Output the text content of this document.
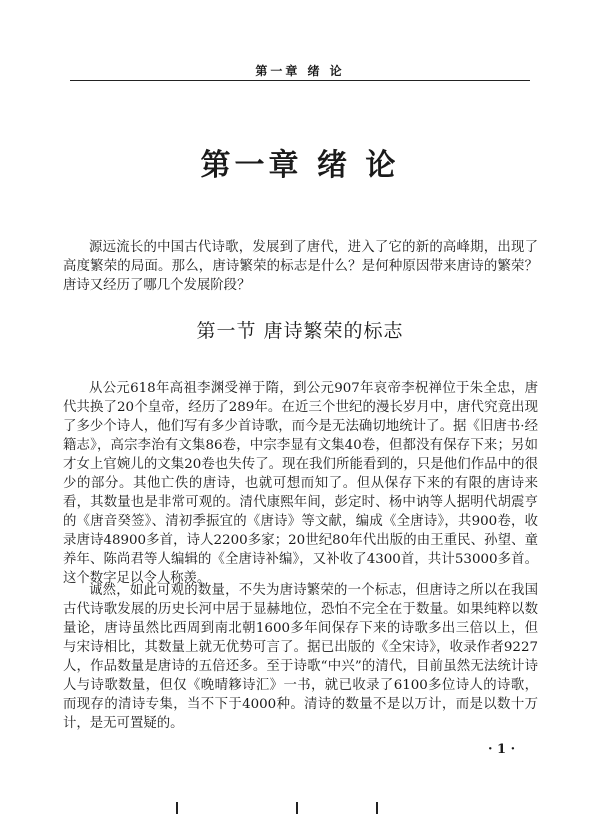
第一章 绪 论
第一章 绪 论

源远流长的中国古代诗歌，发展到了唐代，进入了它的新的高峰期，出现了高度繁荣的局面。那么，唐诗繁荣的标志是什么？是何种原因带来唐诗的繁荣？唐诗又经历了哪几个发展阶段？

第一节 唐诗繁荣的标志

从公元618年高祖李渊受禅于隋，到公元907年哀帝李柷禅位于朱全忠，唐代共换了20个皇帝，经历了289年。在近三个世纪的漫长岁月中，唐代究竟出现了多少个诗人，他们写有多少首诗歌，而今是无法确切地统计了。据《旧唐书·经籍志》，高宗李治有文集86卷，中宗李显有文集40卷，但都没有保存下来；另如才女上官婉儿的文集20卷也失传了。现在我们所能看到的，只是他们作品中的很少的部分。其他亡佚的唐诗，也就可想而知了。但从保存下来的有限的唐诗来看，其数量也是非常可观的。清代康熙年间，彭定时、杨中讷等人据明代胡震亨的《唐音癸签》、清初季振宜的《唐诗》等文献，编成《全唐诗》，共900卷，收录唐诗48900多首，诗人2200多家；20世纪80年代出版的由王重民、孙望、童养年、陈尚君等人编辑的《全唐诗补编》，又补收了4300首，共计53000多首。这个数字足以令人称羡。

诚然，如此可观的数量，不失为唐诗繁荣的一个标志，但唐诗之所以在我国古代诗歌发展的历史长河中居于显赫地位，恐怕不完全在于数量。如果纯粹以数量论，唐诗虽然比西周到南北朝1600多年间保存下来的诗歌多出三倍以上，但与宋诗相比，其数量上就无优势可言了。据已出版的《全宋诗》，收录作者9227人，作品数量是唐诗的五倍还多。至于诗歌“中兴”的清代，目前虽然无法统计诗人与诗歌数量，但仅《晚晴簃诗汇》一书，就已收录了6100多位诗人的诗歌，而现存的清诗专集，当不下于4000种。清诗的数量不是以万计，而是以数十万计，是无可置疑的。

· 1 ·
